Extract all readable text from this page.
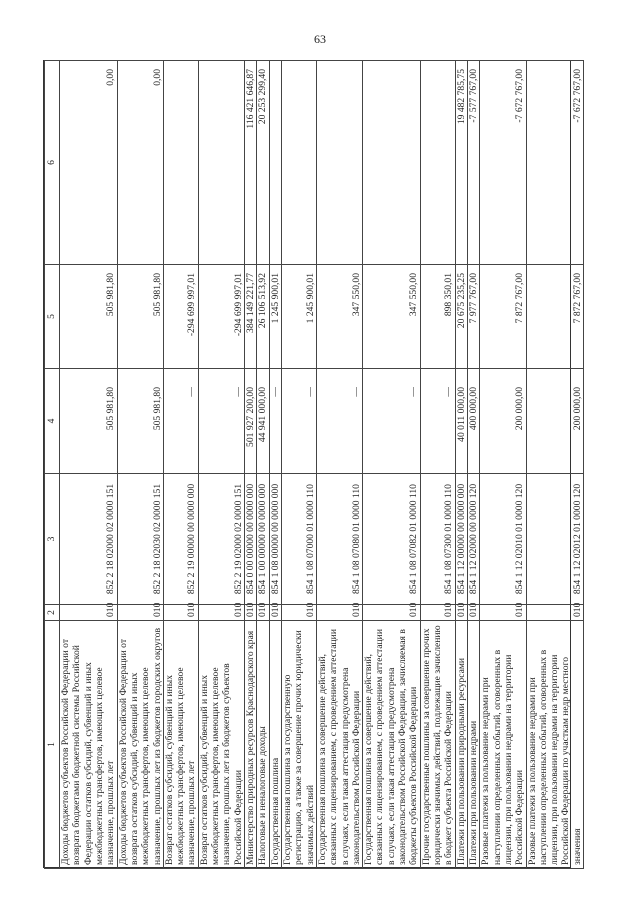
63
1	2	3	4	5	6
Доходы бюджетов субъектов Российской Федерации от возврата бюджетами бюджетной системы Российской Федерации остатков субсидий, субвенций и иных межбюджетных трансфертов, имеющих целевое назначение, прошлых лет	010	852 2 18 02000 02 0000 151	505 981,80	505 981,80	0,00
Доходы бюджетов субъектов Российской Федерации от возврата остатков субсидий, субвенций и иных межбюджетных трансфертов, имеющих целевое назначение, прошлых лет из бюджетов городских округов	010	852 2 18 02030 02 0000 151	505 981,80	505 981,80	0,00
Возврат остатков субсидий, субвенций и иных межбюджетных трансфертов, имеющих целевое назначение, прошлых лет	010	852 2 19 00000 00 0000 000	—	-294 699 997,01	
Возврат остатков субсидий, субвенций и иных межбюджетных трансфертов, имеющих целевое назначение, прошлых лет из бюджетов субъектов Российской Федерации	010	852 2 19 02000 02 0000 151	—	-294 699 997,01	
Министерство природных ресурсов Краснодарского края	010	854 0 00 00000 00 0000 000	501 927 200,00	384 149 221,77	116 421 646,87
Налоговые и неналоговые доходы	010	854 1 00 00000 00 0000 000	44 941 000,00	26 106 513,92	20 253 299,40
Государственная пошлина	010	854 1 08 00000 00 0000 000	—	1 245 900,01	
Государственная пошлина за государственную регистрацию, а также за совершение прочих юридически значимых действий	010	854 1 08 07000 01 0000 110	—	1 245 900,01	
Государственная пошлина за совершение действий, связанных с лицензированием, с проведением аттестации в случаях, если такая аттестация предусмотрена законодательством Российской Федерации	010	854 1 08 07080 01 0000 110	—	347 550,00	
Государственная пошлина за совершение действий, связанных с лицензированием, с проведением аттестации в случаях, если такая аттестация предусмотрена законодательством Российской Федерации, зачисляемая в бюджеты субъектов Российской Федерации	010	854 1 08 07082 01 0000 110	—	347 550,00	
Прочие государственные пошлины за совершение прочих юридически значимых действий, подлежащие зачислению в бюджет субъекта Российской Федерации	010	854 1 08 07300 01 0000 110	—	898 350,01	
Платежи при пользовании природными ресурсами	010	854 1 12 00000 00 0000 000	40 011 000,00	20 675 235,25	19 482 785,75
Платежи при пользовании недрами	010	854 1 12 02000 00 0000 120	400 000,00	7 977 767,00	-7 577 767,00
Разовые платежи за пользование недрами при наступлении определенных событий, оговоренных в лицензии, при пользовании недрами на территории Российской Федерации	010	854 1 12 02010 01 0000 120	200 000,00	7 872 767,00	-7 672 767,00
Разовые платежи за пользование недрами при наступлении определенных событий, оговоренных в лицензии, при пользовании недрами на территории Российской Федерации по участкам недр местного значения	010	854 1 12 02012 01 0000 120	200 000,00	7 872 767,00	-7 672 767,00
